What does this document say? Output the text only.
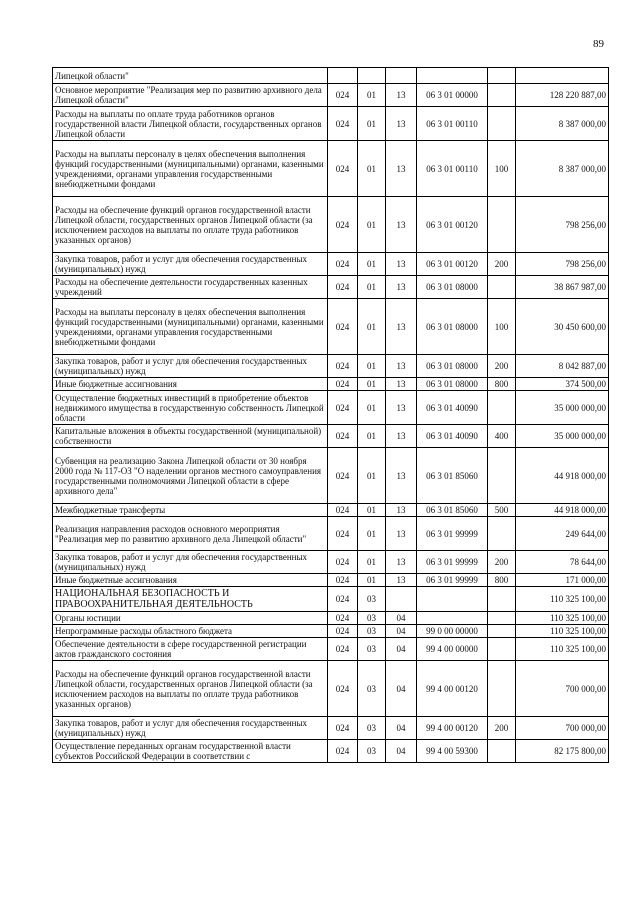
89
Липецкой области"						
Основное мероприятие "Реализация мер по развитию архивного дела Липецкой области"	024	01	13	06 3 01 00000		128 220 887,00
Расходы на выплаты по оплате труда работников органов государственной власти Липецкой области, государственных органов Липецкой области	024	01	13	06 3 01 00110		8 387 000,00
Расходы на выплаты персоналу в целях обеспечения выполнения функций государственными (муниципальными) органами, казенными учреждениями, органами управления государственными внебюджетными фондами	024	01	13	06 3 01 00110	100	8 387 000,00
Расходы на обеспечение функций органов государственной власти Липецкой области, государственных органов Липецкой области (за исключением расходов на выплаты по оплате труда работников указанных органов)	024	01	13	06 3 01 00120		798 256,00
Закупка товаров, работ и услуг для обеспечения государственных (муниципальных) нужд	024	01	13	06 3 01 00120	200	798 256,00
Расходы на обеспечение деятельности государственных казенных учреждений	024	01	13	06 3 01 08000		38 867 987,00
Расходы на выплаты персоналу в целях обеспечения выполнения функций государственными (муниципальными) органами, казенными учреждениями, органами управления государственными внебюджетными фондами	024	01	13	06 3 01 08000	100	30 450 600,00
Закупка товаров, работ и услуг для обеспечения государственных (муниципальных) нужд	024	01	13	06 3 01 08000	200	8 042 887,00
Иные бюджетные ассигнования	024	01	13	06 3 01 08000	800	374 500,00
Осуществление бюджетных инвестиций в приобретение объектов недвижимого имущества в государственную собственность Липецкой области	024	01	13	06 3 01 40090		35 000 000,00
Капитальные вложения в объекты государственной (муниципальной) собственности	024	01	13	06 3 01 40090	400	35 000 000,00
Субвенция на реализацию Закона Липецкой области от 30 ноября 2000 года № 117-ОЗ "О наделении органов местного самоуправления государственными полномочиями Липецкой области в сфере архивного дела"	024	01	13	06 3 01 85060		44 918 000,00
Межбюджетные трансферты	024	01	13	06 3 01 85060	500	44 918 000,00
Реализация направления расходов основного мероприятия "Реализация мер по развитию архивного дела Липецкой области"	024	01	13	06 3 01 99999		249 644,00
Закупка товаров, работ и услуг для обеспечения государственных (муниципальных) нужд	024	01	13	06 3 01 99999	200	78 644,00
Иные бюджетные ассигнования	024	01	13	06 3 01 99999	800	171 000,00
НАЦИОНАЛЬНАЯ БЕЗОПАСНОСТЬ И ПРАВООХРАНИТЕЛЬНАЯ ДЕЯТЕЛЬНОСТЬ	024	03				110 325 100,00
Органы юстиции	024	03	04			110 325 100,00
Непрограммные расходы областного бюджета	024	03	04	99 0 00 00000		110 325 100,00
Обеспечение деятельности в сфере государственной регистрации актов гражданского состояния	024	03	04	99 4 00 00000		110 325 100,00
Расходы на обеспечение функций органов государственной власти Липецкой области, государственных органов Липецкой области (за исключением расходов на выплаты по оплате труда работников указанных органов)	024	03	04	99 4 00 00120		700 000,00
Закупка товаров, работ и услуг для обеспечения государственных (муниципальных) нужд	024	03	04	99 4 00 00120	200	700 000,00
Осуществление переданных органам государственной власти субъектов Российской Федерации в соответствии с	024	03	04	99 4 00 59300		82 175 800,00
